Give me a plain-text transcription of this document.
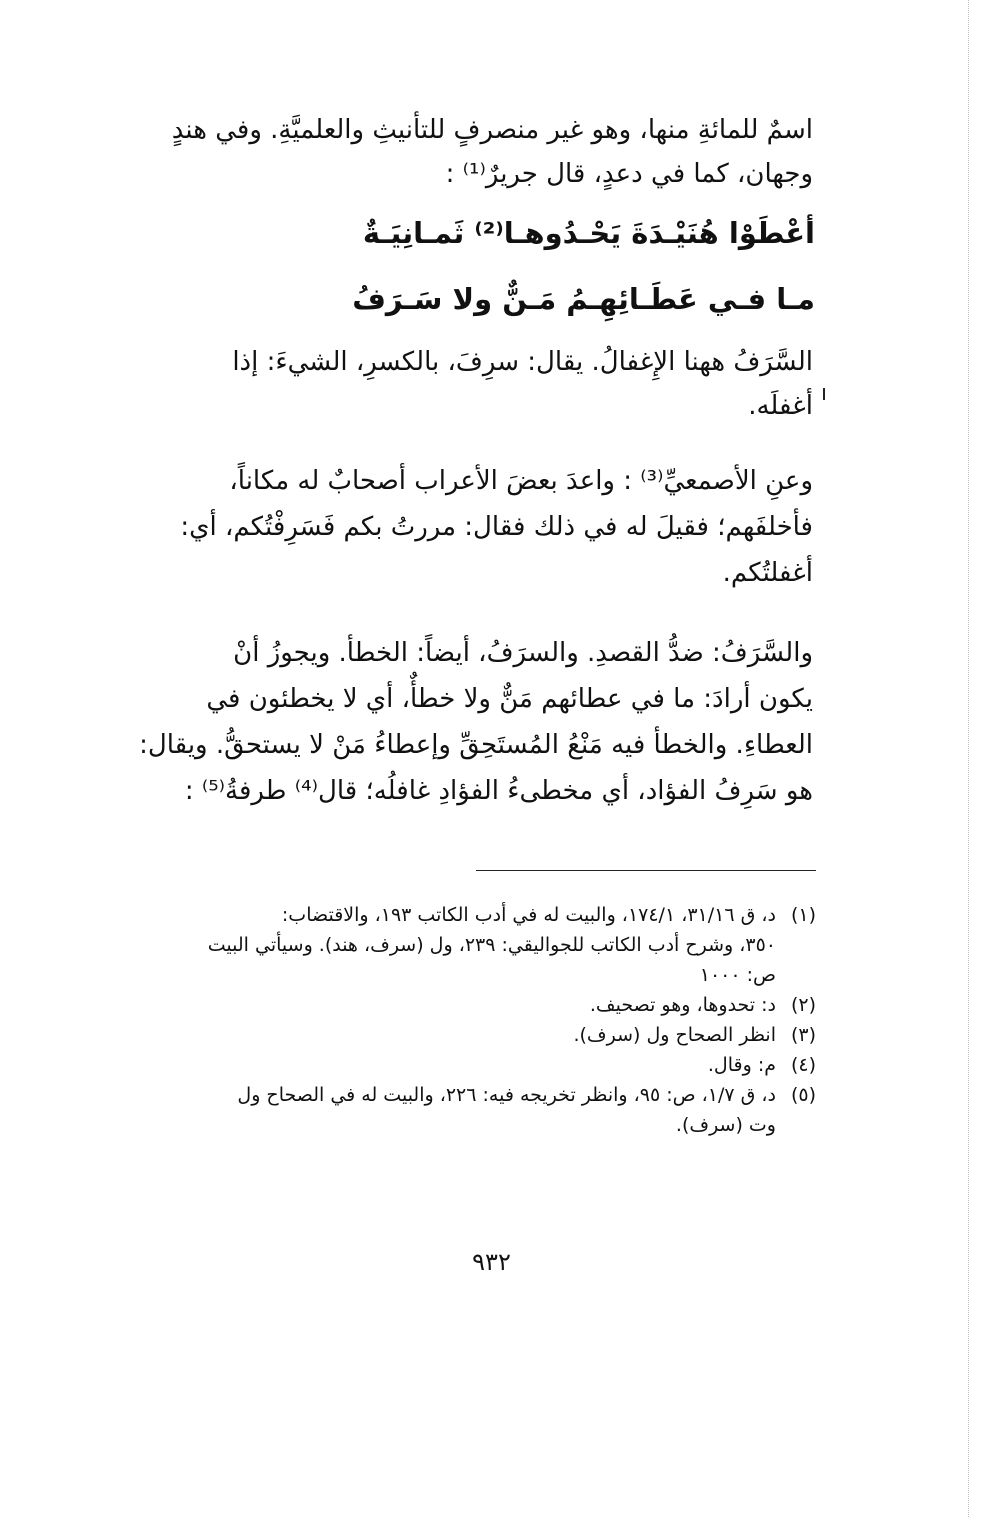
اسمٌ للمائةِ منها، وهو غير منصرفٍ للتأنيثِ والعلميَّةِ. وفي هندٍ
وجهان، كما في دعدٍ، قال جريرٌ⁽¹⁾ :
أعْطَوْا هُنَيْـدَةَ يَحْـدُوهـا⁽²⁾ ثَمـانِيَـةٌ
مـا فـي عَطَـائِهِـمُ مَـنٌّ ولا سَـرَفُ
السَّرَفُ ههنا الإِغفالُ. يقال: سرِفَ، بالكسرِ، الشيءَ: إذا
أغفلَه.
وعنِ الأصمعيِّ⁽³⁾ : واعدَ بعضَ الأعراب أصحابٌ له مكاناً،
فأخلفَهم؛ فقيلَ له في ذلك فقال: مررتُ بكم فَسَرِفْتُكم، أي:
أغفلتُكم.
والسَّرَفُ: ضدُّ القصدِ. والسرَفُ، أيضاً: الخطأ. ويجوزُ أنْ
يكون أرادَ: ما في عطائهم مَنٌّ ولا خطأٌ، أي لا يخطئون في
العطاءِ. والخطأ فيه مَنْعُ المُستَحِقِّ وإعطاءُ مَنْ لا يستحقُّ. ويقال:
هو سَرِفُ الفؤاد، أي مخطىءُ الفؤادِ غافلُه؛ قال⁽⁴⁾ طرفةُ⁽⁵⁾ :
(١)
د، ق ٣١/١٦، ١٧٤/١، والبيت له في أدب الكاتب ١٩٣، والاقتضاب:
٣٥٠، وشرح أدب الكاتب للجواليقي: ٢٣٩، ول (سرف، هند). وسيأتي البيت
ص: ١٠٠٠
(٢)
د: تحدوها، وهو تصحيف.
(٣)
انظر الصحاح ول (سرف).
(٤)
م: وقال.
(٥)
د، ق ١/٧، ص: ٩٥، وانظر تخريجه فيه: ٢٢٦، والبيت له في الصحاح ول
وت (سرف).
٩٣٢
